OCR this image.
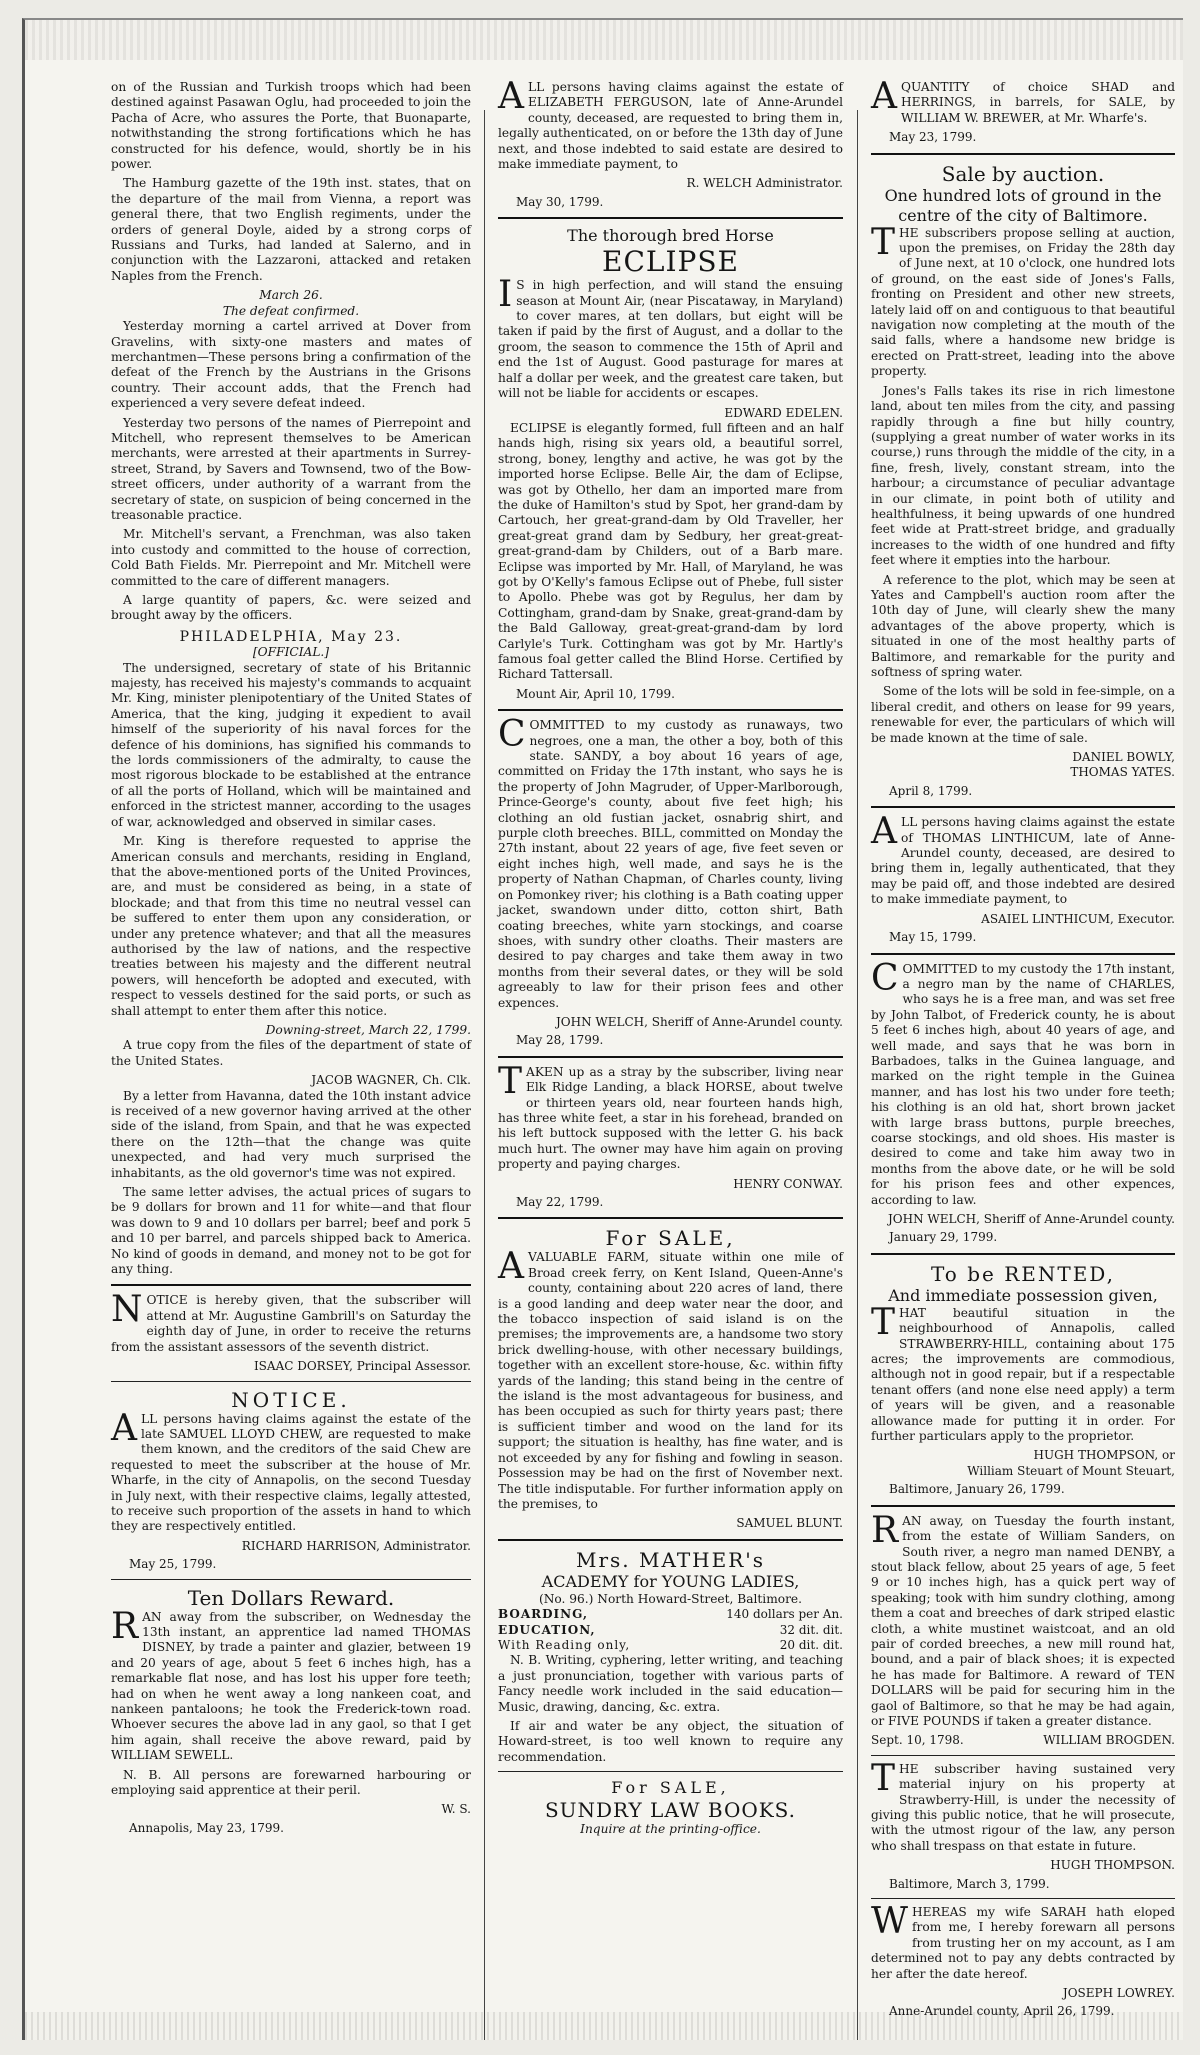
on of the Russian and Turkish troops which had been destined against Pasawan Oglu, had proceeded to join the Pacha of Acre, who assures the Porte, that Buonaparte, notwithstanding the strong fortifications which he has constructed for his defence, would, shortly be in his power.

The Hamburg gazette of the 19th inst. states, that on the departure of the mail from Vienna, a report was general there, that two English regiments, under the orders of general Doyle, aided by a strong corps of Russians and Turks, had landed at Salerno, and in conjunction with the Lazzaroni, attacked and retaken Naples from the French.

March 26.
The defeat confirmed.

Yesterday morning a cartel arrived at Dover from Gravelins, with sixty-one masters and mates of merchantmen—These persons bring a confirmation of the defeat of the French by the Austrians in the Grisons country. Their account adds, that the French had experienced a very severe defeat indeed.

Yesterday two persons of the names of Pierrepoint and Mitchell, who represent themselves to be American merchants, were arrested at their apartments in Surrey-street, Strand, by Savers and Townsend, two of the Bow-street officers, under authority of a warrant from the secretary of state, on suspicion of being concerned in the treasonable practice.

Mr. Mitchell's servant, a Frenchman, was also taken into custody and committed to the house of correction, Cold Bath Fields. Mr. Pierrepoint and Mr. Mitchell were committed to the care of different managers.

A large quantity of papers, &c. were seized and brought away by the officers.

PHILADELPHIA, May 23.
[OFFICIAL.]

The undersigned, secretary of state of his Britannic majesty, has received his majesty's commands to acquaint Mr. King, minister plenipotentiary of the United States of America, that the king, judging it expedient to avail himself of the superiority of his naval forces for the defence of his dominions, has signified his commands to the lords commissioners of the admiralty, to cause the most rigorous blockade to be established at the entrance of all the ports of Holland, which will be maintained and enforced in the strictest manner, according to the usages of war, acknowledged and observed in similar cases.

Mr. King is therefore requested to apprise the American consuls and merchants, residing in England, that the above-mentioned ports of the United Provinces, are, and must be considered as being, in a state of blockade; and that from this time no neutral vessel can be suffered to enter them upon any consideration, or under any pretence whatever; and that all the measures authorised by the law of nations, and the respective treaties between his majesty and the different neutral powers, will henceforth be adopted and executed, with respect to vessels destined for the said ports, or such as shall attempt to enter them after this notice.

Downing-street, March 22, 1799.

A true copy from the files of the department of state of the United States.

JACOB WAGNER, Ch. Clk.

By a letter from Havanna, dated the 10th instant advice is received of a new governor having arrived at the other side of the island, from Spain, and that he was expected there on the 12th—that the change was quite unexpected, and had very much surprised the inhabitants, as the old governor's time was not expired.

The same letter advises, the actual prices of sugars to be 9 dollars for brown and 11 for white—and that flour was down to 9 and 10 dollars per barrel; beef and pork 5 and 10 per barrel, and parcels shipped back to America. No kind of goods in demand, and money not to be got for any thing.

NOTICE is hereby given, that the subscriber will attend at Mr. Augustine Gambrill's on Saturday the eighth day of June, in order to receive the returns from the assistant assessors of the seventh district.

ISAAC DORSEY, Principal Assessor.
NOTICE.

ALL persons having claims against the estate of the late SAMUEL LLOYD CHEW, are requested to make them known, and the creditors of the said Chew are requested to meet the subscriber at the house of Mr. Wharfe, in the city of Annapolis, on the second Tuesday in July next, with their respective claims, legally attested, to receive such proportion of the assets in hand to which they are respectively entitled.

RICHARD HARRISON, Administrator.
May 25, 1799.
Ten Dollars Reward.

RAN away from the subscriber, on Wednesday the 13th instant, an apprentice lad named THOMAS DISNEY, by trade a painter and glazier, between 19 and 20 years of age, about 5 feet 6 inches high, has a remarkable flat nose, and has lost his upper fore teeth; had on when he went away a long nankeen coat, and nankeen pantaloons; he took the Frederick-town road. Whoever secures the above lad in any gaol, so that I get him again, shall receive the above reward, paid by WILLIAM SEWELL.

N. B. All persons are forewarned harbouring or employing said apprentice at their peril.

W. S.
Annapolis, May 23, 1799.

ALL persons having claims against the estate of ELIZABETH FERGUSON, late of Anne-Arundel county, deceased, are requested to bring them in, legally authenticated, on or before the 13th day of June next, and those indebted to said estate are desired to make immediate payment, to

R. WELCH Administrator.
May 30, 1799.
The thorough bred Horse
ECLIPSE

IS in high perfection, and will stand the ensuing season at Mount Air, (near Piscataway, in Maryland) to cover mares, at ten dollars, but eight will be taken if paid by the first of August, and a dollar to the groom, the season to commence the 15th of April and end the 1st of August. Good pasturage for mares at half a dollar per week, and the greatest care taken, but will not be liable for accidents or escapes.

EDWARD EDELEN.

ECLIPSE is elegantly formed, full fifteen and an half hands high, rising six years old, a beautiful sorrel, strong, boney, lengthy and active, he was got by the imported horse Eclipse. Belle Air, the dam of Eclipse, was got by Othello, her dam an imported mare from the duke of Hamilton's stud by Spot, her grand-dam by Cartouch, her great-grand-dam by Old Traveller, her great-great grand dam by Sedbury, her great-great-great-grand-dam by Childers, out of a Barb mare. Eclipse was imported by Mr. Hall, of Maryland, he was got by O'Kelly's famous Eclipse out of Phebe, full sister to Apollo. Phebe was got by Regulus, her dam by Cottingham, grand-dam by Snake, great-grand-dam by the Bald Galloway, great-great-grand-dam by lord Carlyle's Turk. Cottingham was got by Mr. Hartly's famous foal getter called the Blind Horse. Certified by Richard Tattersall.

Mount Air, April 10, 1799.

COMMITTED to my custody as runaways, two negroes, one a man, the other a boy, both of this state. SANDY, a boy about 16 years of age, committed on Friday the 17th instant, who says he is the property of John Magruder, of Upper-Marlborough, Prince-George's county, about five feet high; his clothing an old fustian jacket, osnabrig shirt, and purple cloth breeches. BILL, committed on Monday the 27th instant, about 22 years of age, five feet seven or eight inches high, well made, and says he is the property of Nathan Chapman, of Charles county, living on Pomonkey river; his clothing is a Bath coating upper jacket, swandown under ditto, cotton shirt, Bath coating breeches, white yarn stockings, and coarse shoes, with sundry other cloaths. Their masters are desired to pay charges and take them away in two months from their several dates, or they will be sold agreeably to law for their prison fees and other expences.

JOHN WELCH, Sheriff of Anne-Arundel county.
May 28, 1799.

TAKEN up as a stray by the subscriber, living near Elk Ridge Landing, a black HORSE, about twelve or thirteen years old, near fourteen hands high, has three white feet, a star in his forehead, branded on his left buttock supposed with the letter G. his back much hurt. The owner may have him again on proving property and paying charges.

HENRY CONWAY.
May 22, 1799.
For SALE,

AVALUABLE FARM, situate within one mile of Broad creek ferry, on Kent Island, Queen-Anne's county, containing about 220 acres of land, there is a good landing and deep water near the door, and the tobacco inspection of said island is on the premises; the improvements are, a handsome two story brick dwelling-house, with other necessary buildings, together with an excellent store-house, &c. within fifty yards of the landing; this stand being in the centre of the island is the most advantageous for business, and has been occupied as such for thirty years past; there is sufficient timber and wood on the land for its support; the situation is healthy, has fine water, and is not exceeded by any for fishing and fowling in season. Possession may be had on the first of November next. The title indisputable. For further information apply on the premises, to

SAMUEL BLUNT.
Mrs. MATHER's
ACADEMY for YOUNG LADIES,
(No. 96.) North Howard-Street, Baltimore.
BOARDING,	140 dollars per An.
EDUCATION,	32 dit. dit.
With Reading only,	20 dit. dit.

N. B. Writing, cyphering, letter writing, and teaching a just pronunciation, together with various parts of Fancy needle work included in the said education—Music, drawing, dancing, &c. extra.

If air and water be any object, the situation of Howard-street, is too well known to require any recommendation.

For SALE,
SUNDRY LAW BOOKS.
Inquire at the printing-office.

AQUANTITY of choice SHAD and HERRINGS, in barrels, for SALE, by WILLIAM W. BREWER, at Mr. Wharfe's.

May 23, 1799.
Sale by auction.
One hundred lots of ground in the centre of the city of Baltimore.

THE subscribers propose selling at auction, upon the premises, on Friday the 28th day of June next, at 10 o'clock, one hundred lots of ground, on the east side of Jones's Falls, fronting on President and other new streets, lately laid off on and contiguous to that beautiful navigation now completing at the mouth of the said falls, where a handsome new bridge is erected on Pratt-street, leading into the above property.

Jones's Falls takes its rise in rich limestone land, about ten miles from the city, and passing rapidly through a fine but hilly country, (supplying a great number of water works in its course,) runs through the middle of the city, in a fine, fresh, lively, constant stream, into the harbour; a circumstance of peculiar advantage in our climate, in point both of utility and healthfulness, it being upwards of one hundred feet wide at Pratt-street bridge, and gradually increases to the width of one hundred and fifty feet where it empties into the harbour.

A reference to the plot, which may be seen at Yates and Campbell's auction room after the 10th day of June, will clearly shew the many advantages of the above property, which is situated in one of the most healthy parts of Baltimore, and remarkable for the purity and softness of spring water.

Some of the lots will be sold in fee-simple, on a liberal credit, and others on lease for 99 years, renewable for ever, the particulars of which will be made known at the time of sale.

DANIEL BOWLY,
THOMAS YATES.
April 8, 1799.

ALL persons having claims against the estate of THOMAS LINTHICUM, late of Anne-Arundel county, deceased, are desired to bring them in, legally authenticated, that they may be paid off, and those indebted are desired to make immediate payment, to

ASAIEL LINTHICUM, Executor.
May 15, 1799.

COMMITTED to my custody the 17th instant, a negro man by the name of CHARLES, who says he is a free man, and was set free by John Talbot, of Frederick county, he is about 5 feet 6 inches high, about 40 years of age, and well made, and says that he was born in Barbadoes, talks in the Guinea language, and marked on the right temple in the Guinea manner, and has lost his two under fore teeth; his clothing is an old hat, short brown jacket with large brass buttons, purple breeches, coarse stockings, and old shoes. His master is desired to come and take him away two in months from the above date, or he will be sold for his prison fees and other expences, according to law.

JOHN WELCH, Sheriff of Anne-Arundel county.
January 29, 1799.
To be RENTED,
And immediate possession given,

THAT beautiful situation in the neighbourhood of Annapolis, called STRAWBERRY-HILL, containing about 175 acres; the improvements are commodious, although not in good repair, but if a respectable tenant offers (and none else need apply) a term of years will be given, and a reasonable allowance made for putting it in order. For further particulars apply to the proprietor.

HUGH THOMPSON, or
William Steuart of Mount Steuart,
Baltimore, January 26, 1799.

RAN away, on Tuesday the fourth instant, from the estate of William Sanders, on South river, a negro man named DENBY, a stout black fellow, about 25 years of age, 5 feet 9 or 10 inches high, has a quick pert way of speaking; took with him sundry clothing, among them a coat and breeches of dark striped elastic cloth, a white mustinet waistcoat, and an old pair of corded breeches, a new mill round hat, bound, and a pair of black shoes; it is expected he has made for Baltimore. A reward of TEN DOLLARS will be paid for securing him in the gaol of Baltimore, so that he may be had again, or FIVE POUNDS if taken a greater distance.

Sept. 10, 1798.	WILLIAM BROGDEN.

THE subscriber having sustained very material injury on his property at Strawberry-Hill, is under the necessity of giving this public notice, that he will prosecute, with the utmost rigour of the law, any person who shall trespass on that estate in future.

HUGH THOMPSON.
Baltimore, March 3, 1799.

WHEREAS my wife SARAH hath eloped from me, I hereby forewarn all persons from trusting her on my account, as I am determined not to pay any debts contracted by her after the date hereof.

JOSEPH LOWREY.
Anne-Arundel county, April 26, 1799.
